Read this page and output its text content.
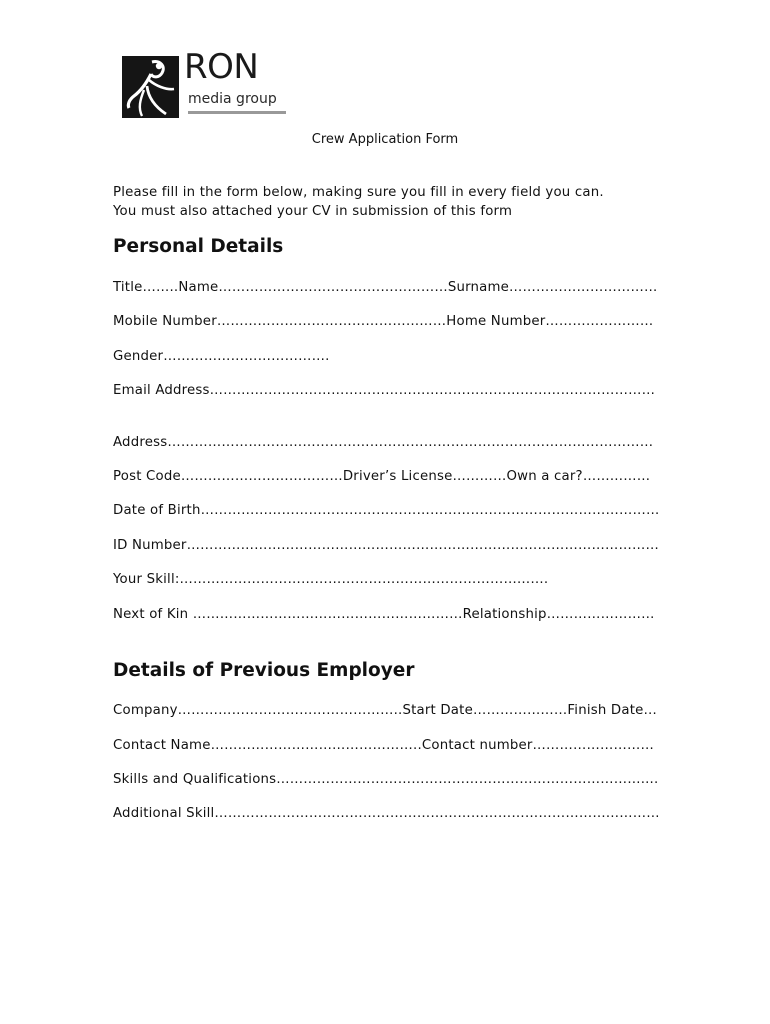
RON
media group
Crew Application Form
Please fill in the form below, making sure you fill in every field you can.
You must also attached your CV in submission of this form
Personal Details
Title……..Name……………………………………………Surname……………………………
Mobile Number……………………………………………Home Number……………………
Gender……………………………….
Email Address………………………………………………………………………………………
Address………………………………………………………………………………………………
Post Code………………………………Driver’s License…………Own a car?……………
Date of Birth…………………………………………………………………………………………
ID Number……………………………………………………………………………………………
Your Skill:……………………………………………………………………….
Next of Kin ……………………………………………………Relationship……………………
Details of Previous Employer
Company…………………………………………..Start Date…………………Finish Date…
Contact Name………………………………………..Contact number………………………
Skills and Qualifications………………………………………………………………………....
Additional Skill………………………………………………………………………………………
